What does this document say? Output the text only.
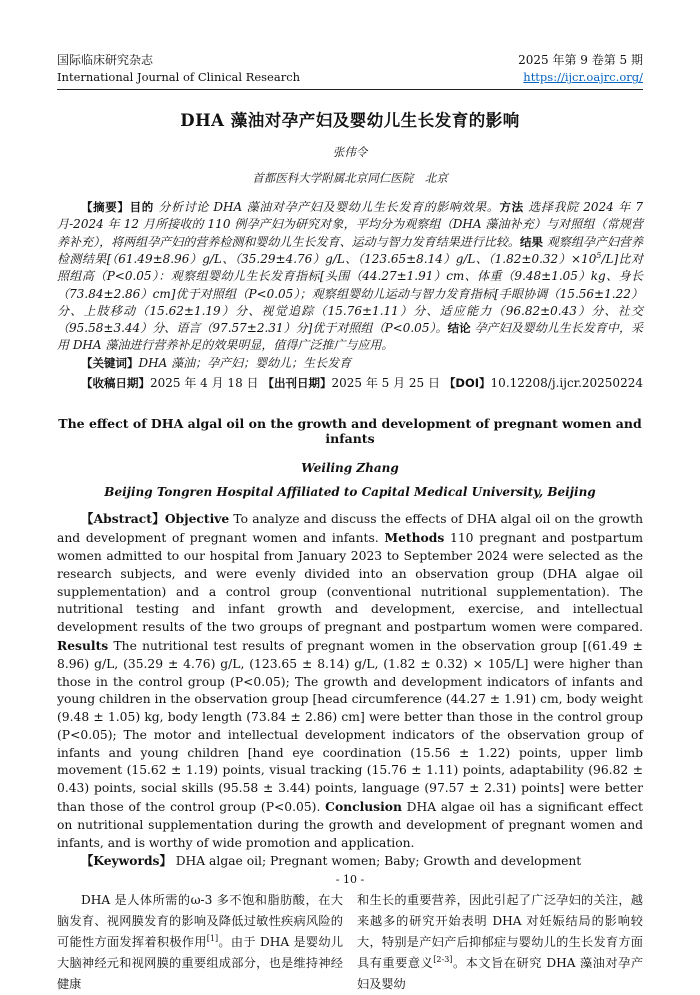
国际临床研究杂志
International Journal of Clinical Research
2025 年第 9 卷第 5 期
https://ijcr.oajrc.org/
DHA 藻油对孕产妇及婴幼儿生长发育的影响
张伟令
首都医科大学附属北京同仁医院　北京

【摘要】目的 分析讨论 DHA 藻油对孕产妇及婴幼儿生长发育的影响效果。方法 选择我院 2024 年 7 月-2024 年 12 月所接收的 110 例孕产妇为研究对象，平均分为观察组（DHA 藻油补充）与对照组（常规营养补充），将两组孕产妇的营养检测和婴幼儿生长发育、运动与智力发育结果进行比较。结果 观察组孕产妇营养检测结果[（61.49±8.96）g/L、（35.29±4.76）g/L、（123.65±8.14）g/L、$(1.82\pm 0.32)\times 10^5/L$]比对照组高（P<0.05）：观察组婴幼儿生长发育指标[头围（44.27±1.91）cm、体重（9.48±1.05）kg、身长（73.84±2.86）cm]优于对照组（P<0.05）；观察组婴幼儿运动与智力发育指标[手眼协调（15.56±1.22）分、上肢移动（15.62±1.19）分、视觉追踪（15.76±1.11）分、适应能力（96.82±0.43）分、社交（95.58±3.44）分、语言（97.57±2.31）分]优于对照组（P<0.05）。结论 孕产妇及婴幼儿生长发育中，采用 DHA 藻油进行营养补足的效果明显，值得广泛推广与应用。

【关键词】DHA 藻油；孕产妇；婴幼儿；生长发育

【收稿日期】2025 年 4 月 18 日 【出刊日期】2025 年 5 月 25 日 【DOI】10.12208/j.ijcr.20250224
The effect of DHA algal oil on the growth and development of pregnant women and infants
Weiling Zhang
Beijing Tongren Hospital Affiliated to Capital Medical University, Beijing

【Abstract】Objective To analyze and discuss the effects of DHA algal oil on the growth and development of pregnant women and infants. Methods 110 pregnant and postpartum women admitted to our hospital from January 2023 to September 2024 were selected as the research subjects, and were evenly divided into an observation group (DHA algae oil supplementation) and a control group (conventional nutritional supplementation). The nutritional testing and infant growth and development, exercise, and intellectual development results of the two groups of pregnant and postpartum women were compared. Results The nutritional test results of pregnant women in the observation group [(61.49 ± 8.96) g/L, (35.29 ± 4.76) g/L, (123.65 ± 8.14) g/L, (1.82 ± 0.32) × 105/L] were higher than those in the control group (P<0.05); The growth and development indicators of infants and young children in the observation group [head circumference (44.27 ± 1.91) cm, body weight (9.48 ± 1.05) kg, body length (73.84 ± 2.86) cm] were better than those in the control group (P<0.05); The motor and intellectual development indicators of the observation group of infants and young children [hand eye coordination (15.56 ± 1.22) points, upper limb movement (15.62 ± 1.19) points, visual tracking (15.76 ± 1.11) points, adaptability (96.82 ± 0.43) points, social skills (95.58 ± 3.44) points, language (97.57 ± 2.31) points] were better than those of the control group (P<0.05). Conclusion DHA algae oil has a significant effect on nutritional supplementation during the growth and development of pregnant women and infants, and is worthy of wide promotion and application.

【Keywords】 DHA algae oil; Pregnant women; Baby; Growth and development

DHA 是人体所需的ω-3 多不饱和脂肪酸，在大脑发育、视网膜发育的影响及降低过敏性疾病风险的可能性方面发挥着积极作用[1]。由于 DHA 是婴幼儿大脑神经元和视网膜的重要组成部分，也是维持神经健康

和生长的重要营养，因此引起了广泛孕妇的关注，越来越多的研究开始表明 DHA 对妊娠结局的影响较大，特别是产妇产后抑郁症与婴幼儿的生长发育方面具有重要意义[2-3]。本文旨在研究 DHA 藻油对孕产妇及婴幼

- 10 -
